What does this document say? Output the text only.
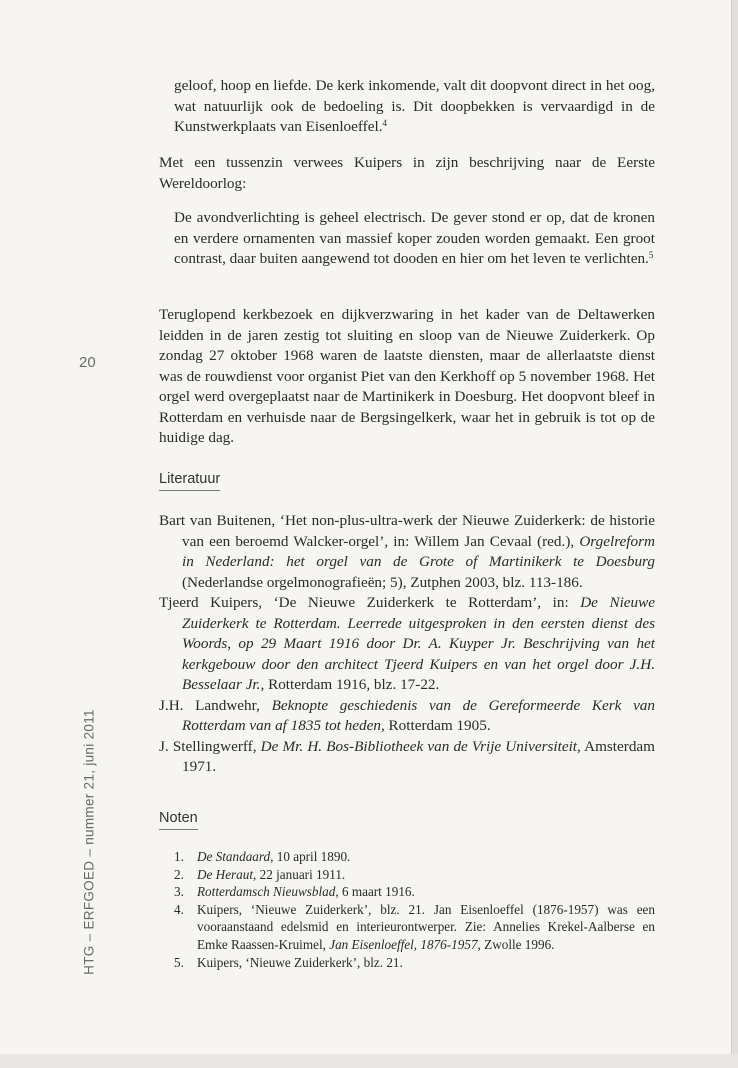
20
HTG – ERFGOED – nummer 21, juni 2011
geloof, hoop en liefde. De kerk inkomende, valt dit doopvont direct in het oog, wat natuurlijk ook de bedoeling is. Dit doopbekken is vervaardigd in de Kunstwerkplaats van Eisenloeffel.$^4$
Met een tussenzin verwees Kuipers in zijn beschrijving naar de Eerste Wereldoorlog:
De avondverlichting is geheel electrisch. De gever stond er op, dat de kronen en verdere ornamenten van massief koper zouden worden gemaakt. Een groot contrast, daar buiten aangewend tot dooden en hier om het leven te verlichten.$^5$
Teruglopend kerkbezoek en dijkverzwaring in het kader van de Deltawerken leidden in de jaren zestig tot sluiting en sloop van de Nieuwe Zuiderkerk. Op zondag 27 oktober 1968 waren de laatste diensten, maar de allerlaatste dienst was de rouwdienst voor organist Piet van den Kerkhoff op 5 november 1968. Het orgel werd overgeplaatst naar de Martinikerk in Doesburg. Het doopvont bleef in Rotterdam en verhuisde naar de Bergsingelkerk, waar het in gebruik is tot op de huidige dag.
Literatuur
Bart van Buitenen, ‘Het non-plus-ultra-werk der Nieuwe Zuiderkerk: de historie van een beroemd Walcker-orgel’, in: Willem Jan Cevaal (red.), Orgelreform in Nederland: het orgel van de Grote of Martinikerk te Doesburg (Nederlandse orgelmonografieën; 5), Zutphen 2003, blz. 113-186.
Tjeerd Kuipers, ‘De Nieuwe Zuiderkerk te Rotterdam’, in: De Nieuwe Zuiderkerk te Rotterdam. Leerrede uitgesproken in den eersten dienst des Woords, op 29 Maart 1916 door Dr. A. Kuyper Jr. Beschrijving van het kerkgebouw door den architect Tjeerd Kuipers en van het orgel door J.H. Besselaar Jr., Rotterdam 1916, blz. 17-22.
J.H. Landwehr, Beknopte geschiedenis van de Gereformeerde Kerk van Rotterdam van af 1835 tot heden, Rotterdam 1905.
J. Stellingwerff, De Mr. H. Bos-Bibliotheek van de Vrije Universiteit, Amsterdam 1971.
Noten
1. De Standaard, 10 april 1890.
2. De Heraut, 22 januari 1911.
3. Rotterdamsch Nieuwsblad, 6 maart 1916.
4. Kuipers, ‘Nieuwe Zuiderkerk’, blz. 21. Jan Eisenloeffel (1876-1957) was een vooraanstaand edelsmid en interieurontwerper. Zie: Annelies Krekel-Aalberse en Emke Raassen-Kruimel, Jan Eisenloeffel, 1876-1957, Zwolle 1996.
5. Kuipers, ‘Nieuwe Zuiderkerk’, blz. 21.
